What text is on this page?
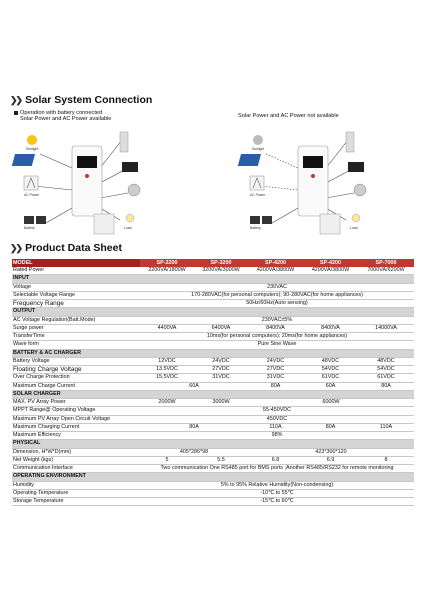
❯❯ Solar System Connection
Operation with battery connected
Solar Power and AC Power available
Solar Power and AC Power not available
Sunlight
AC Power
Battery	Load
Sunlight
AC Power
Battery	Load
❯❯ Product Data Sheet
MODEL	SP-2200	SP-3200	SP-4200	SP-4200	SP-7000
Rated Power	2200VA/1800W	3200VA/3000W	4200VA/3800W	4200VA/3800W	7000VA/6200W
INPUT					
Voltage	230VAC				
Selectable Voltage Range	170-280VAC(for personal computers); 90-280VAC(for home appliances)				
Frequency Range	50Hz/60Hz(Auto sensing)				
OUTPUT					
AC Voltage Regulation(Batt.Mode)	230VAC±5%				
Surge power	4400VA	6400VA	8400VA	8400VA	14000VA
TransferTime	10ms(for personal computers); 20ms(for home appliances)				
Wave form	Pure Sine Wave				
BATTERY & AC CHARGER					
Battery Voltage	12VDC	24VDC	24VDC	48VDC	48VDC
Floating Charge Voltage	13.5VDC	27VDC	27VDC	54VDC	54VDC
Over Charge Protection	15.5VDC	31VDC	31VDC	61VDC	61VDC
Maximum Charge Current	60A		80A	60A	80A
SOLAR CHARGER					
MAX. PV Array Power	2000W	3000W	6000W		
MPPT Range@ Operating Voltage	55-450VDC				
Maximum PV Array Open Circuit Voltage	450VDC				
Maximum Charging Current	80A		110A	80A	110A
Maximum Efficiency	98%				
PHYSICAL					
Dimension, H*W*D(mm)	405*286*98		423*300*120		
Net Weight (kgs)	5	5.5	6.8	6.9	8
Communication Interface	Two communication One RS485 port for BMS ports ;Another RS485/RS232 for remote monitoring				
OPERATING ENVIRONMENT					
Humidity	5% to 95% Relative Humidity(Non-condensing)				
Operating Temperature	-10℃ to 55℃				
Storage Temperature	-15℃ to 60℃				
